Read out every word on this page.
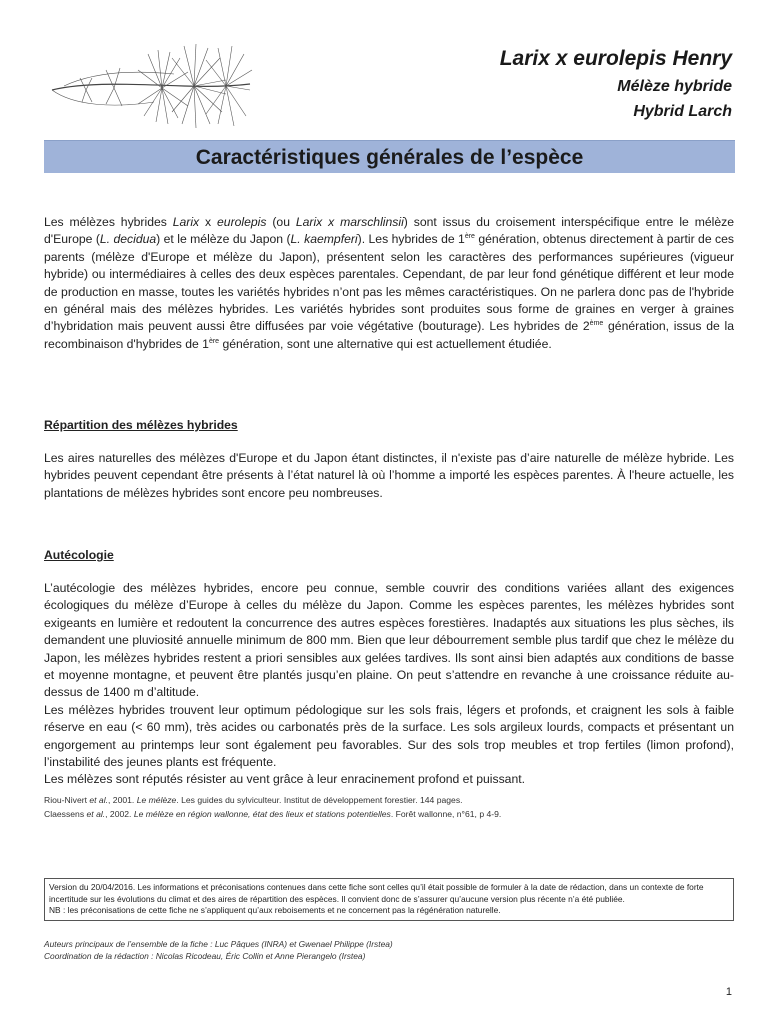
Larix x eurolepis Henry
Mélèze hybride
Hybrid Larch
Caractéristiques générales de l’espèce

Les mélèzes hybrides Larix x eurolepis (ou Larix x marschlinsii) sont issus du croisement interspécifique entre le mélèze d'Europe (L. decidua) et le mélèze du Japon (L. kaempferi). Les hybrides de 1ère génération, obtenus directement à partir de ces parents (mélèze d'Europe et mélèze du Japon), présentent selon les caractères des performances supérieures (vigueur hybride) ou intermédiaires à celles des deux espèces parentales. Cependant, de par leur fond génétique différent et leur mode de production en masse, toutes les variétés hybrides n’ont pas les mêmes caractéristiques. On ne parlera donc pas de l'hybride en général mais des mélèzes hybrides. Les variétés hybrides sont produites sous forme de graines en verger à graines d’hybridation mais peuvent aussi être diffusées par voie végétative (bouturage). Les hybrides de 2ème génération, issus de la recombinaison d'hybrides de 1ère génération, sont une alternative qui est actuellement étudiée.

Répartition des mélèzes hybrides

Les aires naturelles des mélèzes d'Europe et du Japon étant distinctes, il n'existe pas d’aire naturelle de mélèze hybride. Les hybrides peuvent cependant être présents à l’état naturel là où l’homme a importé les espèces parentes. À l'heure actuelle, les plantations de mélèzes hybrides sont encore peu nombreuses.

Autécologie

L’autécologie des mélèzes hybrides, encore peu connue, semble couvrir des conditions variées allant des exigences écologiques du mélèze d’Europe à celles du mélèze du Japon. Comme les espèces parentes, les mélèzes hybrides sont exigeants en lumière et redoutent la concurrence des autres espèces forestières. Inadaptés aux situations les plus sèches, ils demandent une pluviosité annuelle minimum de 800 mm. Bien que leur débourrement semble plus tardif que chez le mélèze du Japon, les mélèzes hybrides restent a priori sensibles aux gelées tardives. Ils sont ainsi bien adaptés aux conditions de basse et moyenne montagne, et peuvent être plantés jusqu’en plaine. On peut s’attendre en revanche à une croissance réduite au-dessus de 1400 m d’altitude.

Les mélèzes hybrides trouvent leur optimum pédologique sur les sols frais, légers et profonds, et craignent les sols à faible réserve en eau (< 60 mm), très acides ou carbonatés près de la surface. Les sols argileux lourds, compacts et présentant un engorgement au printemps leur sont également peu favorables. Sur des sols trop meubles et trop fertiles (limon profond), l’instabilité des jeunes plants est fréquente.

Les mélèzes sont réputés résister au vent grâce à leur enracinement profond et puissant.

Riou-Nivert et al., 2001. Le mélèze. Les guides du sylviculteur. Institut de développement forestier. 144 pages.

Claessens et al., 2002. Le mélèze en région wallonne, état des lieux et stations potentielles. Forêt wallonne, n°61, p 4-9.

Version du 20/04/2016. Les informations et préconisations contenues dans cette fiche sont celles qu’il était possible de formuler à la date de rédaction, dans un contexte de forte incertitude sur les évolutions du climat et des aires de répartition des espèces. Il convient donc de s’assurer qu’aucune version plus récente n’a été publiée.

NB : les préconisations de cette fiche ne s’appliquent qu’aux reboisements et ne concernent pas la régénération naturelle.

Auteurs principaux de l’ensemble de la fiche : Luc Pâques (INRA) et Gwenael Philippe (Irstea)

Coordination de la rédaction : Nicolas Ricodeau, Éric Collin et Anne Pierangelo (Irstea)

1
